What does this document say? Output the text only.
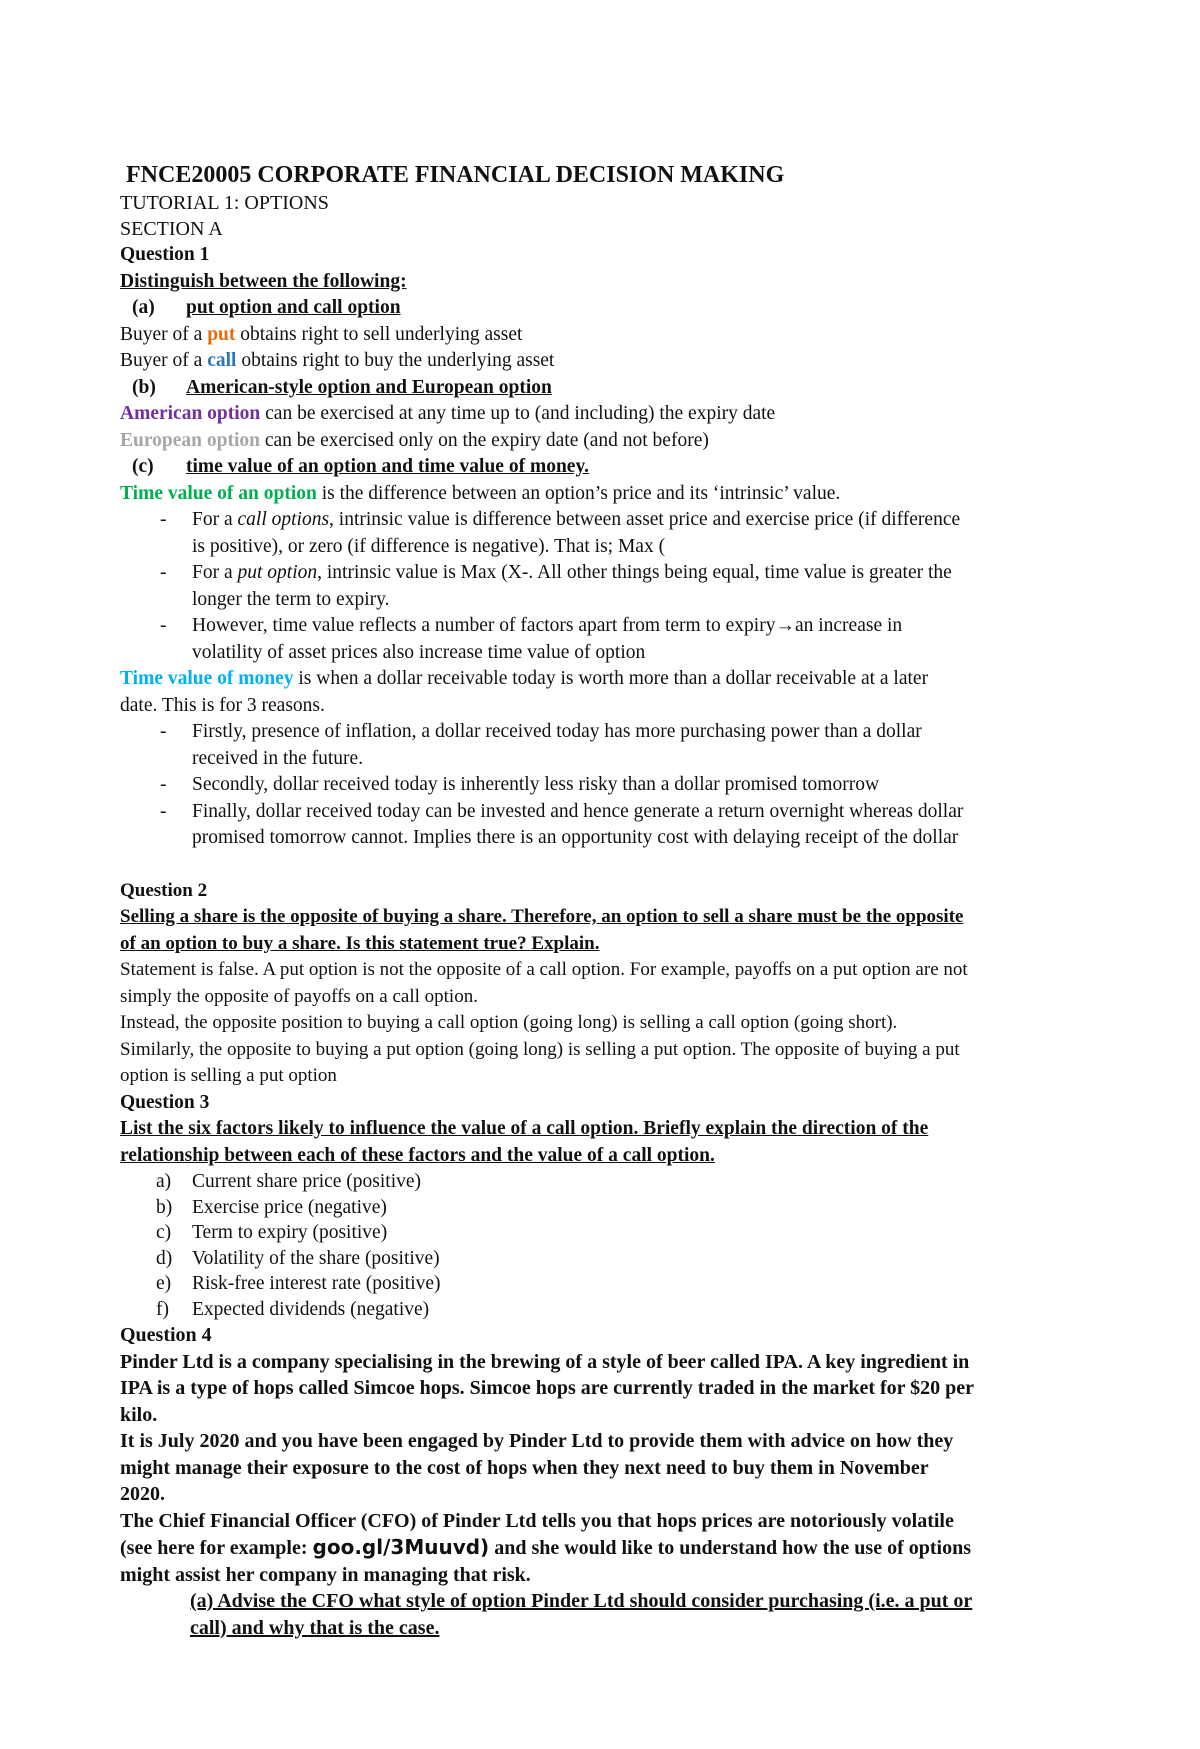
FNCE20005 CORPORATE FINANCIAL DECISION MAKING
TUTORIAL 1: OPTIONS
SECTION A
Question 1
Distinguish between the following:
(a) put option and call option
Buyer of a put obtains right to sell underlying asset
Buyer of a call obtains right to buy the underlying asset
(b) American-style option and European option
American option can be exercised at any time up to (and including) the expiry date
European option can be exercised only on the expiry date (and not before)
(c) time value of an option and time value of money.
Time value of an option is the difference between an option’s price and its ‘intrinsic’ value.
- For a call options, intrinsic value is difference between asset price and exercise price (if difference
is positive), or zero (if difference is negative). That is; Max (
- For a put option, intrinsic value is Max (X-. All other things being equal, time value is greater the
longer the term to expiry.
- However, time value reflects a number of factors apart from term to expiry→an increase in
volatility of asset prices also increase time value of option
Time value of money is when a dollar receivable today is worth more than a dollar receivable at a later
date. This is for 3 reasons.
- Firstly, presence of inflation, a dollar received today has more purchasing power than a dollar
received in the future.
- Secondly, dollar received today is inherently less risky than a dollar promised tomorrow
- Finally, dollar received today can be invested and hence generate a return overnight whereas dollar
promised tomorrow cannot. Implies there is an opportunity cost with delaying receipt of the dollar
Question 2
Selling a share is the opposite of buying a share. Therefore, an option to sell a share must be the opposite
of an option to buy a share. Is this statement true? Explain.
Statement is false. A put option is not the opposite of a call option. For example, payoffs on a put option are not
simply the opposite of payoffs on a call option.
Instead, the opposite position to buying a call option (going long) is selling a call option (going short).
Similarly, the opposite to buying a put option (going long) is selling a put option. The opposite of buying a put
option is selling a put option
Question 3
List the six factors likely to influence the value of a call option. Briefly explain the direction of the
relationship between each of these factors and the value of a call option.
a) Current share price (positive)
b) Exercise price (negative)
c) Term to expiry (positive)
d) Volatility of the share (positive)
e) Risk-free interest rate (positive)
f) Expected dividends (negative)
Question 4
Pinder Ltd is a company specialising in the brewing of a style of beer called IPA. A key ingredient in
IPA is a type of hops called Simcoe hops. Simcoe hops are currently traded in the market for $20 per
kilo.
It is July 2020 and you have been engaged by Pinder Ltd to provide them with advice on how they
might manage their exposure to the cost of hops when they next need to buy them in November
2020.
The Chief Financial Officer (CFO) of Pinder Ltd tells you that hops prices are notoriously volatile
(see here for example: goo.gl/3Muuvd) and she would like to understand how the use of options
might assist her company in managing that risk.
(a) Advise the CFO what style of option Pinder Ltd should consider purchasing (i.e. a put or
call) and why that is the case.
